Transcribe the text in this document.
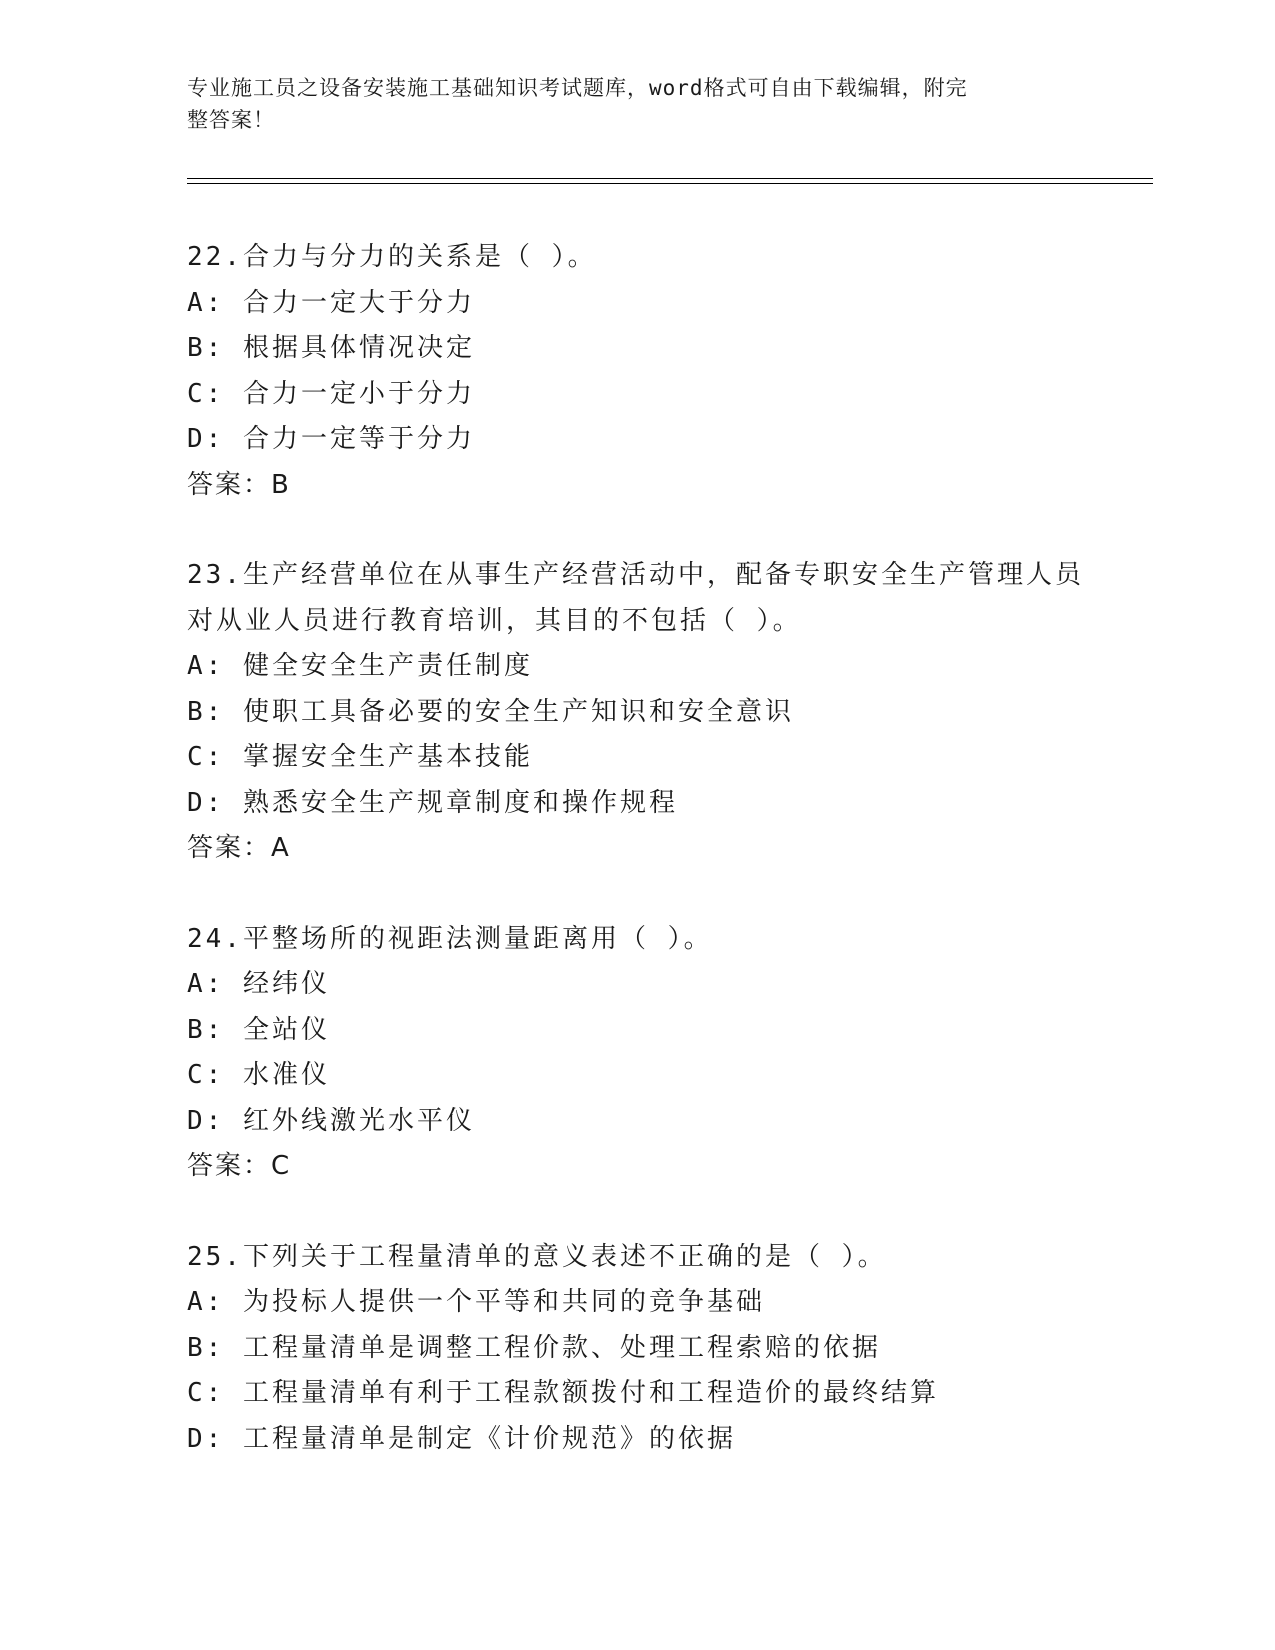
专业施工员之设备安装施工基础知识考试题库，word格式可自由下载编辑，附完
整答案！
22.合力与分力的关系是（ ）。
A: 合力一定大于分力
B: 根据具体情况决定
C: 合力一定小于分力
D: 合力一定等于分力
答案：B
23.生产经营单位在从事生产经营活动中，配备专职安全生产管理人员
对从业人员进行教育培训，其目的不包括（ ）。
A: 健全安全生产责任制度
B: 使职工具备必要的安全生产知识和安全意识
C: 掌握安全生产基本技能
D: 熟悉安全生产规章制度和操作规程
答案：A
24.平整场所的视距法测量距离用（ ）。
A: 经纬仪
B: 全站仪
C: 水准仪
D: 红外线激光水平仪
答案：C
25.下列关于工程量清单的意义表述不正确的是（ ）。
A: 为投标人提供一个平等和共同的竞争基础
B: 工程量清单是调整工程价款、处理工程索赔的依据
C: 工程量清单有利于工程款额拨付和工程造价的最终结算
D: 工程量清单是制定《计价规范》的依据
